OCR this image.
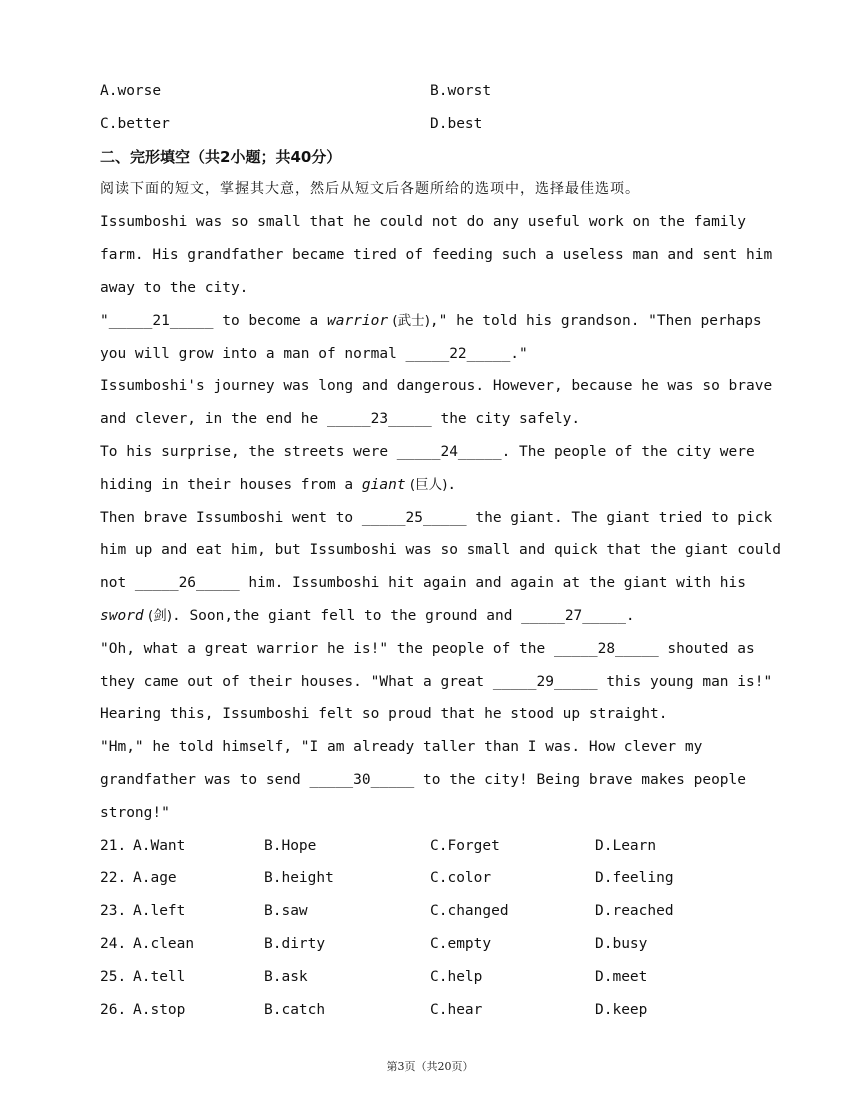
A.worse	B.worst
C.better	D.best
二、完形填空（共2小题；共40分）
阅读下面的短文，掌握其大意，然后从短文后各题所给的选项中，选择最佳选项。
Issumboshi was so small that he could not do any useful work on the family
farm. His grandfather became tired of feeding such a useless man and sent him
away to the city.
"_____21_____ to become a warrior (武士)," he told his grandson. "Then perhaps
you will grow into a man of normal _____22_____."
Issumboshi's journey was long and dangerous. However, because he was so brave
and clever, in the end he _____23_____ the city safely.
To his surprise, the streets were _____24_____. The people of the city were
hiding in their houses from a giant (巨人).
Then brave Issumboshi went to _____25_____ the giant. The giant tried to pick
him up and eat him, but Issumboshi was so small and quick that the giant could
not _____26_____ him. Issumboshi hit again and again at the giant with his
sword (剑). Soon,the giant fell to the ground and _____27_____.
"Oh, what a great warrior he is!" the people of the _____28_____ shouted as
they came out of their houses. "What a great _____29_____ this young man is!"
Hearing this, Issumboshi felt so proud that he stood up straight.
"Hm," he told himself, "I am already taller than I was. How clever my
grandfather was to send _____30_____ to the city! Being brave makes people
strong!"
21. A.Want	B.Hope	C.Forget	D.Learn
22. A.age	B.height	C.color	D.feeling
23. A.left	B.saw	C.changed	D.reached
24. A.clean	B.dirty	C.empty	D.busy
25. A.tell	B.ask	C.help	D.meet
26. A.stop	B.catch	C.hear	D.keep
第3页（共20页）
